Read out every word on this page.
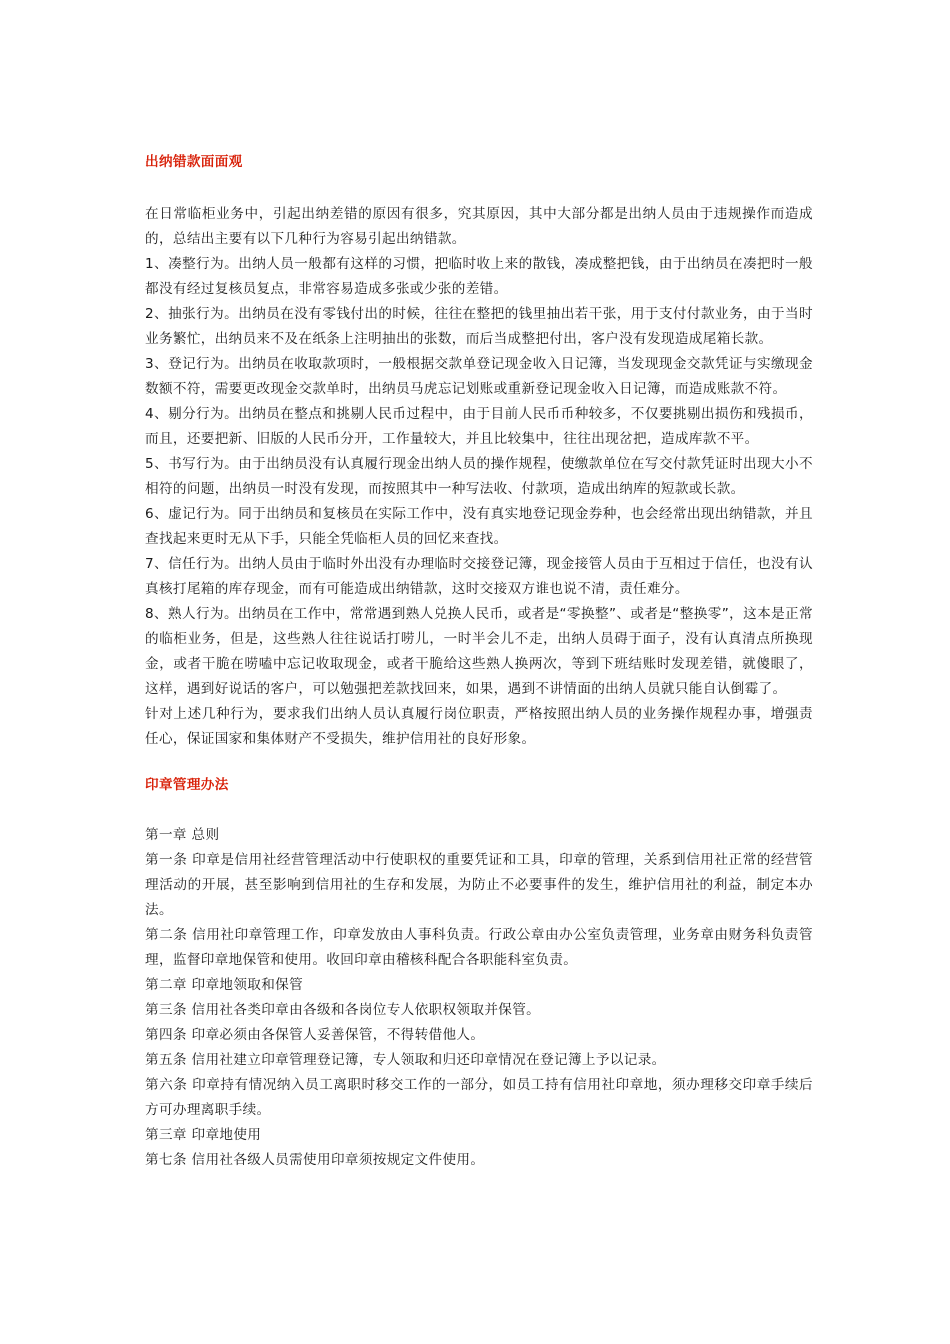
出纳错款面面观

在日常临柜业务中，引起出纳差错的原因有很多，究其原因，其中大部分都是出纳人员由于违规操作而造成的，总结出主要有以下几种行为容易引起出纳错款。

1、凑整行为。出纳人员一般都有这样的习惯，把临时收上来的散钱，凑成整把钱，由于出纳员在凑把时一般都没有经过复核员复点，非常容易造成多张或少张的差错。

2、抽张行为。出纳员在没有零钱付出的时候，往往在整把的钱里抽出若干张，用于支付付款业务，由于当时业务繁忙，出纳员来不及在纸条上注明抽出的张数，而后当成整把付出，客户没有发现造成尾箱长款。

3、登记行为。出纳员在收取款项时，一般根据交款单登记现金收入日记簿，当发现现金交款凭证与实缴现金数额不符，需要更改现金交款单时，出纳员马虎忘记划账或重新登记现金收入日记簿，而造成账款不符。

4、剔分行为。出纳员在整点和挑剔人民币过程中，由于目前人民币币种较多，不仅要挑剔出损伤和残损币，而且，还要把新、旧版的人民币分开，工作量较大，并且比较集中，往往出现岔把，造成库款不平。

5、书写行为。由于出纳员没有认真履行现金出纳人员的操作规程，使缴款单位在写交付款凭证时出现大小不相符的问题，出纳员一时没有发现，而按照其中一种写法收、付款项，造成出纳库的短款或长款。

6、虚记行为。同于出纳员和复核员在实际工作中，没有真实地登记现金券种，也会经常出现出纳错款，并且查找起来更时无从下手，只能全凭临柜人员的回忆来查找。

7、信任行为。出纳人员由于临时外出没有办理临时交接登记簿，现金接管人员由于互相过于信任，也没有认真核打尾箱的库存现金，而有可能造成出纳错款，这时交接双方谁也说不清，责任难分。

8、熟人行为。出纳员在工作中，常常遇到熟人兑换人民币，或者是“零换整”、或者是“整换零”，这本是正常的临柜业务，但是，这些熟人往往说话打唠儿，一时半会儿不走，出纳人员碍于面子，没有认真清点所换现金，或者干脆在唠嗑中忘记收取现金，或者干脆给这些熟人换两次，等到下班结账时发现差错，就傻眼了，这样，遇到好说话的客户，可以勉强把差款找回来，如果，遇到不讲情面的出纳人员就只能自认倒霉了。

针对上述几种行为，要求我们出纳人员认真履行岗位职责，严格按照出纳人员的业务操作规程办事，增强责任心，保证国家和集体财产不受损失，维护信用社的良好形象。

印章管理办法

第一章 总则

第一条 印章是信用社经营管理活动中行使职权的重要凭证和工具，印章的管理，关系到信用社正常的经营管理活动的开展，甚至影响到信用社的生存和发展，为防止不必要事件的发生，维护信用社的利益，制定本办法。

第二条 信用社印章管理工作，印章发放由人事科负责。行政公章由办公室负责管理，业务章由财务科负责管理，监督印章地保管和使用。收回印章由稽核科配合各职能科室负责。

第二章 印章地领取和保管

第三条 信用社各类印章由各级和各岗位专人依职权领取并保管。

第四条 印章必须由各保管人妥善保管，不得转借他人。

第五条 信用社建立印章管理登记簿，专人领取和归还印章情况在登记簿上予以记录。

第六条 印章持有情况纳入员工离职时移交工作的一部分，如员工持有信用社印章地，须办理移交印章手续后方可办理离职手续。

第三章 印章地使用

第七条 信用社各级人员需使用印章须按规定文件使用。
